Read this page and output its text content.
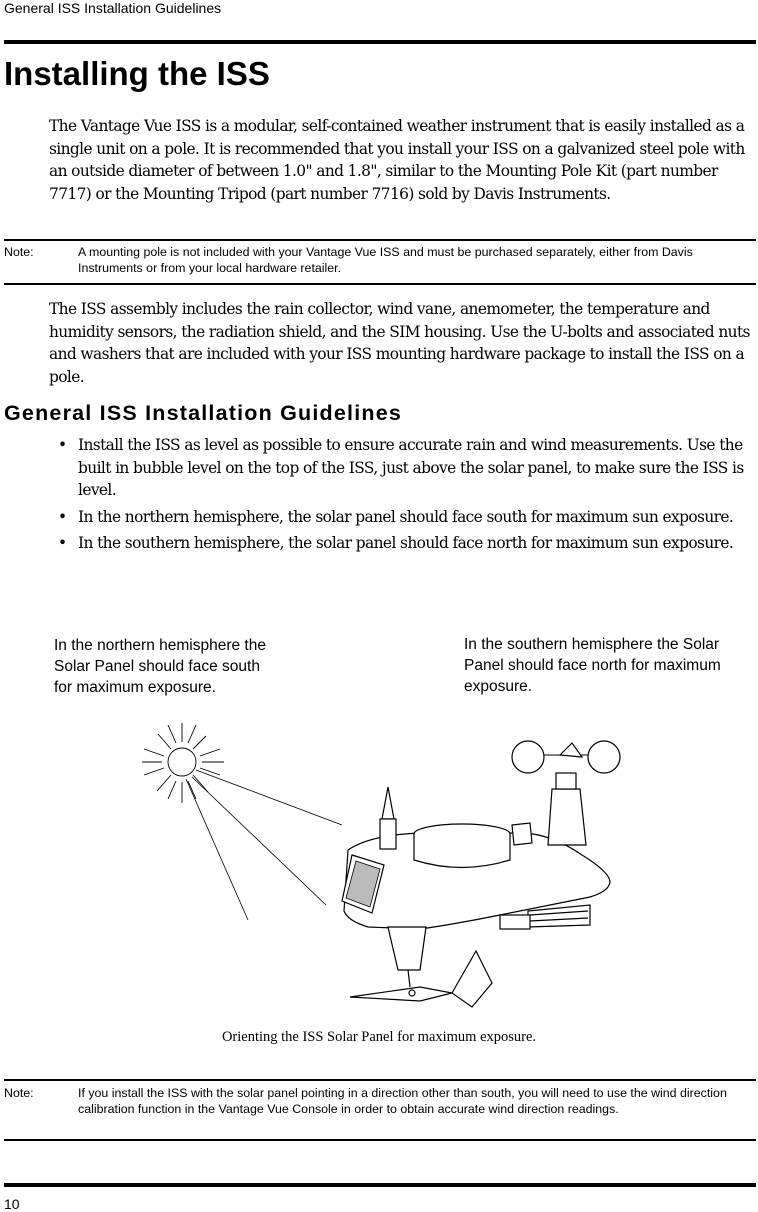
General ISS Installation Guidelines
Installing the ISS

The Vantage Vue ISS is a modular, self-contained weather instrument that is easily installed as a single unit on a pole. It is recommended that you install your ISS on a galvanized steel pole with an outside diameter of between 1.0" and 1.8", similar to the Mounting Pole Kit (part number 7717) or the Mounting Tripod (part number 7716) sold by Davis Instruments.

Note:	A mounting pole is not included with your Vantage Vue ISS and must be purchased separately, either from Davis Instruments or from your local hardware retailer.

The ISS assembly includes the rain collector, wind vane, anemometer, the temperature and humidity sensors, the radiation shield, and the SIM housing. Use the U-bolts and associated nuts and washers that are included with your ISS mounting hardware package to install the ISS on a pole.

General ISS Installation Guidelines
• Install the ISS as level as possible to ensure accurate rain and wind measurements. Use the built in bubble level on the top of the ISS, just above the solar panel, to make sure the ISS is level.
• In the northern hemisphere, the solar panel should face south for maximum sun exposure.
• In the southern hemisphere, the solar panel should face north for maximum sun exposure.

In the northern hemisphere the Solar Panel should face south for maximum exposure.

In the southern hemisphere the Solar Panel should face north for maximum exposure.

Orienting the ISS Solar Panel for maximum exposure.

Note:	If you install the ISS with the solar panel pointing in a direction other than south, you will need to use the wind direction calibration function in the Vantage Vue Console in order to obtain accurate wind direction readings.
10
